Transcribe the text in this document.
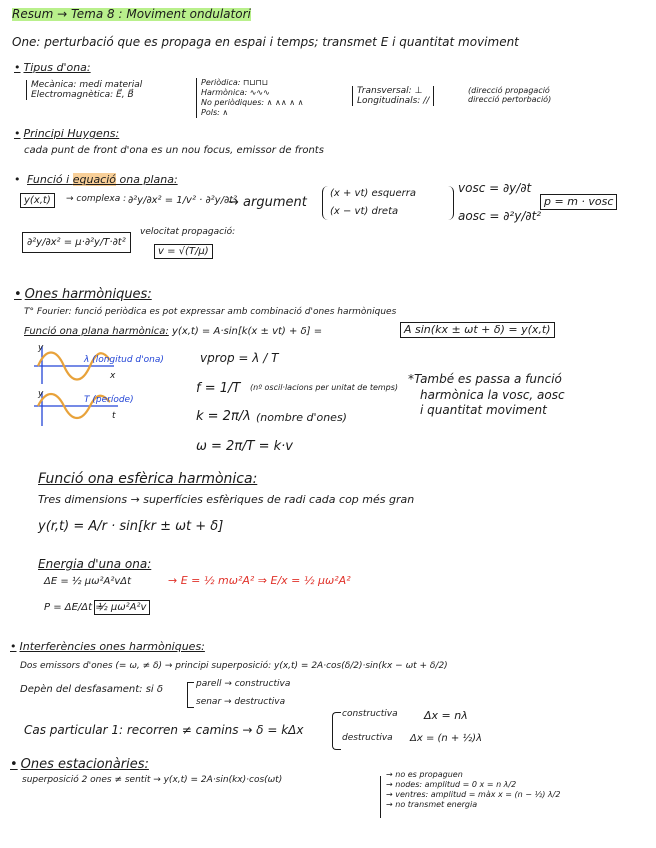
Resum → Tema 8 : Moviment ondulatori
One: perturbació que es propaga en espai i temps; transmet E i quantitat moviment
• Tipus d'ona:
Mecànica: medi material
Electromagnètica: E⃗, B⃗
Periòdica: ⊓⊔⊓⊔
Harmònica: ∿∿∿
No periòdiques: ∧ ∧∧ ∧ ∧
Pols: ∧
Transversal: ⊥
Longitudinals: //
(direcció propagació
direcció pertorbació)
• Principi Huygens:
cada punt de front d'ona es un nou focus, emissor de fronts
• Funció i equació ona plana:
y(x,t)	→ complexa : ∂²y/∂x² = 1/v² · ∂²y/∂t²
→ argument
(x + vt) esquerra
(x − vt) dreta
vosc = ∂y/∂t
aosc = ∂²y/∂t²
p = m · vosc
∂²y/∂x² = μ·∂²y/T·∂t²
velocitat propagació:
v = √(T/μ)
• Ones harmòniques:
T° Fourier: funció periòdica es pot expressar amb combinació d'ones harmòniques
Funció ona plana harmònica: y(x,t) = A·sin[k(x ± vt) + δ] =	A sin(kx ± ωt + δ) = y(x,t)
y
x
λ (longitud d'ona)
y
t
T (període)
vprop = λ / T
f = 1/T (nº oscil·lacions per unitat de temps)
k = 2π/λ (nombre d'ones)
ω = 2π/T = k·v
*També es passa a funció
harmònica la vosc, aosc
i quantitat moviment
Funció ona esfèrica harmònica:
Tres dimensions → superfícies esfèriques de radi cada cop més gran
y(r,t) = A/r · sin[kr ± ωt + δ]
Energia d'una ona:
ΔE = ½ μω²A²vΔt	→ E = ½ mω²A² ⇒ E/x = ½ μω²A²
P = ΔE/Δt =
½ μω²A²v
• Interferències ones harmòniques:
Dos emissors d'ones (= ω, ≠ δ) → principi superposició: y(x,t) = 2A·cos(δ/2)·sin(kx − ωt + δ/2)
Depèn del desfasament: si δ	parell → constructiva
senar → destructiva
Cas particular 1: recorren ≠ camins → δ = kΔx
constructiva Δx = nλ
destructiva Δx = (n + ½)λ
• Ones estacionàries:
superposició 2 ones ≠ sentit → y(x,t) = 2A·sin(kx)·cos(ωt)
→ no es propaguen
→ nodes: amplitud = 0 x = n λ/2
→ ventres: amplitud = màx x = (n − ½) λ/2
→ no transmet energia
